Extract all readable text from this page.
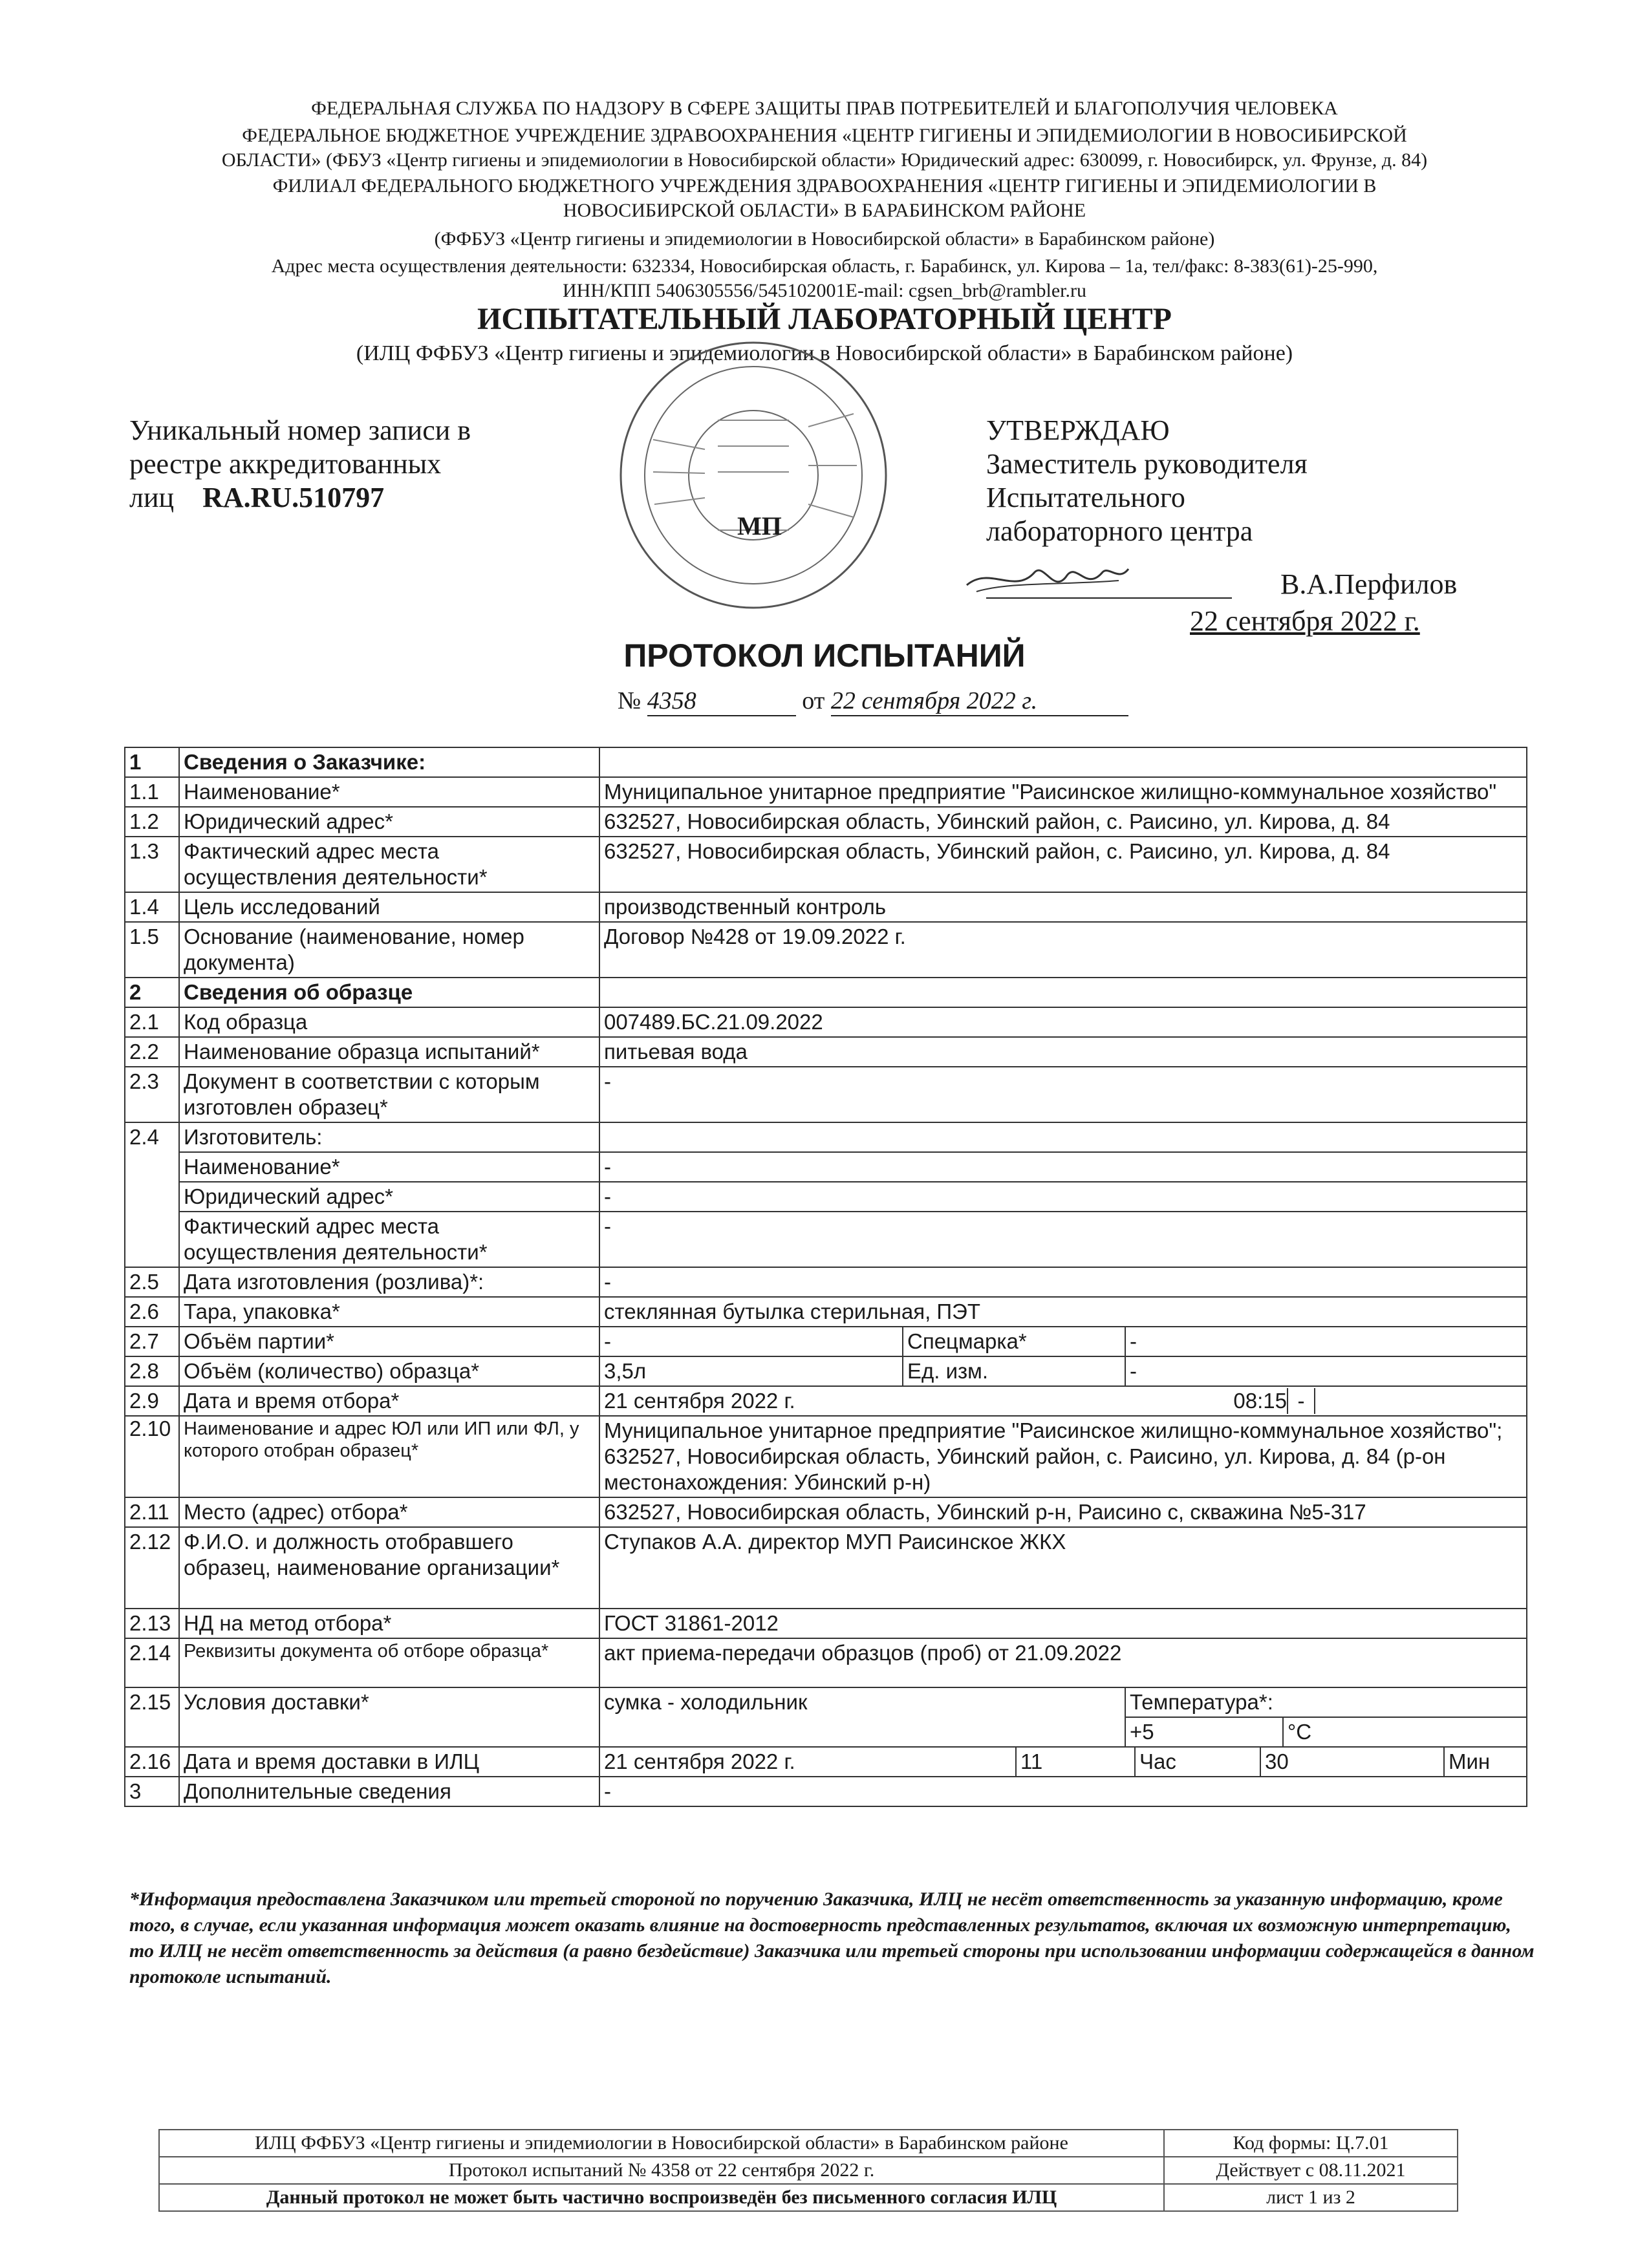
ФЕДЕРАЛЬНАЯ СЛУЖБА ПО НАДЗОРУ В СФЕРЕ ЗАЩИТЫ ПРАВ ПОТРЕБИТЕЛЕЙ И БЛАГОПОЛУЧИЯ ЧЕЛОВЕКА
ФЕДЕРАЛЬНОЕ БЮДЖЕТНОЕ УЧРЕЖДЕНИЕ ЗДРАВООХРАНЕНИЯ «ЦЕНТР ГИГИЕНЫ И ЭПИДЕМИОЛОГИИ В НОВОСИБИРСКОЙ
ОБЛАСТИ» (ФБУЗ «Центр гигиены и эпидемиологии в Новосибирской области» Юридический адрес: 630099, г. Новосибирск, ул. Фрунзе, д. 84)
ФИЛИАЛ ФЕДЕРАЛЬНОГО БЮДЖЕТНОГО УЧРЕЖДЕНИЯ ЗДРАВООХРАНЕНИЯ «ЦЕНТР ГИГИЕНЫ И ЭПИДЕМИОЛОГИИ В
НОВОСИБИРСКОЙ ОБЛАСТИ» В БАРАБИНСКОМ РАЙОНЕ
(ФФБУЗ «Центр гигиены и эпидемиологии в Новосибирской области» в Барабинском районе)
Адрес места осуществления деятельности: 632334, Новосибирская область, г. Барабинск, ул. Кирова – 1а, тел/факс: 8-383(61)-25-990,
ИНН/КПП 5406305556/545102001E-mail: cgsen_brb@rambler.ru
ИСПЫТАТЕЛЬНЫЙ ЛАБОРАТОРНЫЙ ЦЕНТР
(ИЛЦ ФФБУЗ «Центр гигиены и эпидемиологии в Новосибирской области» в Барабинском районе)
Уникальный номер записи в
реестре аккредитованных
лиц RA.RU.510797
МП
УТВЕРЖДАЮ
Заместитель руководителя
Испытательного
лабораторного центра
В.А.Перфилов
22 сентября 2022 г.
ПРОТОКОЛ ИСПЫТАНИЙ
№ 4358	от 22 сентября 2022 г.
1	Сведения о Заказчике:	
1.1	Наименование*	Муниципальное унитарное предприятие "Раисинское жилищно-коммунальное хозяйство"
1.2	Юридический адрес*	632527, Новосибирская область, Убинский район, с. Раисино, ул. Кирова, д. 84
1.3	Фактический адрес места осуществления деятельности*	632527, Новосибирская область, Убинский район, с. Раисино, ул. Кирова, д. 84
1.4	Цель исследований	производственный контроль
1.5	Основание (наименование, номер документа)	Договор №428 от 19.09.2022 г.
2	Сведения об образце	
2.1	Код образца	007489.БС.21.09.2022
2.2	Наименование образца испытаний*	питьевая вода
2.3	Документ в соответствии с которым изготовлен образец*	-
2.4	Изготовитель:	
Наименование*	-
Юридический адрес*	-
Фактический адрес места осуществления деятельности*	-
2.5	Дата изготовления (розлива)*:	-
2.6	Тара, упаковка*	стеклянная бутылка стерильная, ПЭТ
2.7	Объём партии*	-	Спецмарка*	-
2.8	Объём (количество) образца*	3,5л	Ед. изм.	-
2.9	Дата и время отбора*		21 сентября 2022 г.	08:15	-	

2.10	Наименование и адрес ЮЛ или ИП или ФЛ, у которого отобран образец*	Муниципальное унитарное предприятие "Раисинское жилищно-коммунальное хозяйство"; 632527, Новосибирская область, Убинский район, с. Раисино, ул. Кирова, д. 84 (р-он местонахождения: Убинский р-н)
2.11	Место (адрес) отбора*	632527, Новосибирская область, Убинский р-н, Раисино с, скважина №5-317
2.12	Ф.И.О. и должность отобравшего образец, наименование организации*	Ступаков А.А. директор МУП Раисинское ЖКХ
2.13	НД на метод отбора*	ГОСТ 31861-2012
2.14	Реквизиты документа об отборе образца*	акт приема-передачи образцов (проб) от 21.09.2022
2.15	Условия доставки*	сумка - холодильник	Температура*:
+5	°С
2.16	Дата и время доставки в ИЛЦ		21 сентября 2022 г.	11	Час	30	Мин

3	Дополнительные сведения	-
*Информация предоставлена Заказчиком или третьей стороной по поручению Заказчика, ИЛЦ не несёт ответственность за указанную информацию, кроме того, в случае, если указанная информация может оказать влияние на достоверность представленных результатов, включая их возможную интерпретацию, то ИЛЦ не несёт ответственность за действия (а равно бездействие) Заказчика или третьей стороны при использовании информации содержащейся в данном протоколе испытаний.
ИЛЦ ФФБУЗ «Центр гигиены и эпидемиологии в Новосибирской области» в Барабинском районе	Код формы: Ц.7.01
Протокол испытаний № 4358 от 22 сентября 2022 г.	Действует с 08.11.2021
Данный протокол не может быть частично воспроизведён без письменного согласия ИЛЦ	лист 1 из 2
